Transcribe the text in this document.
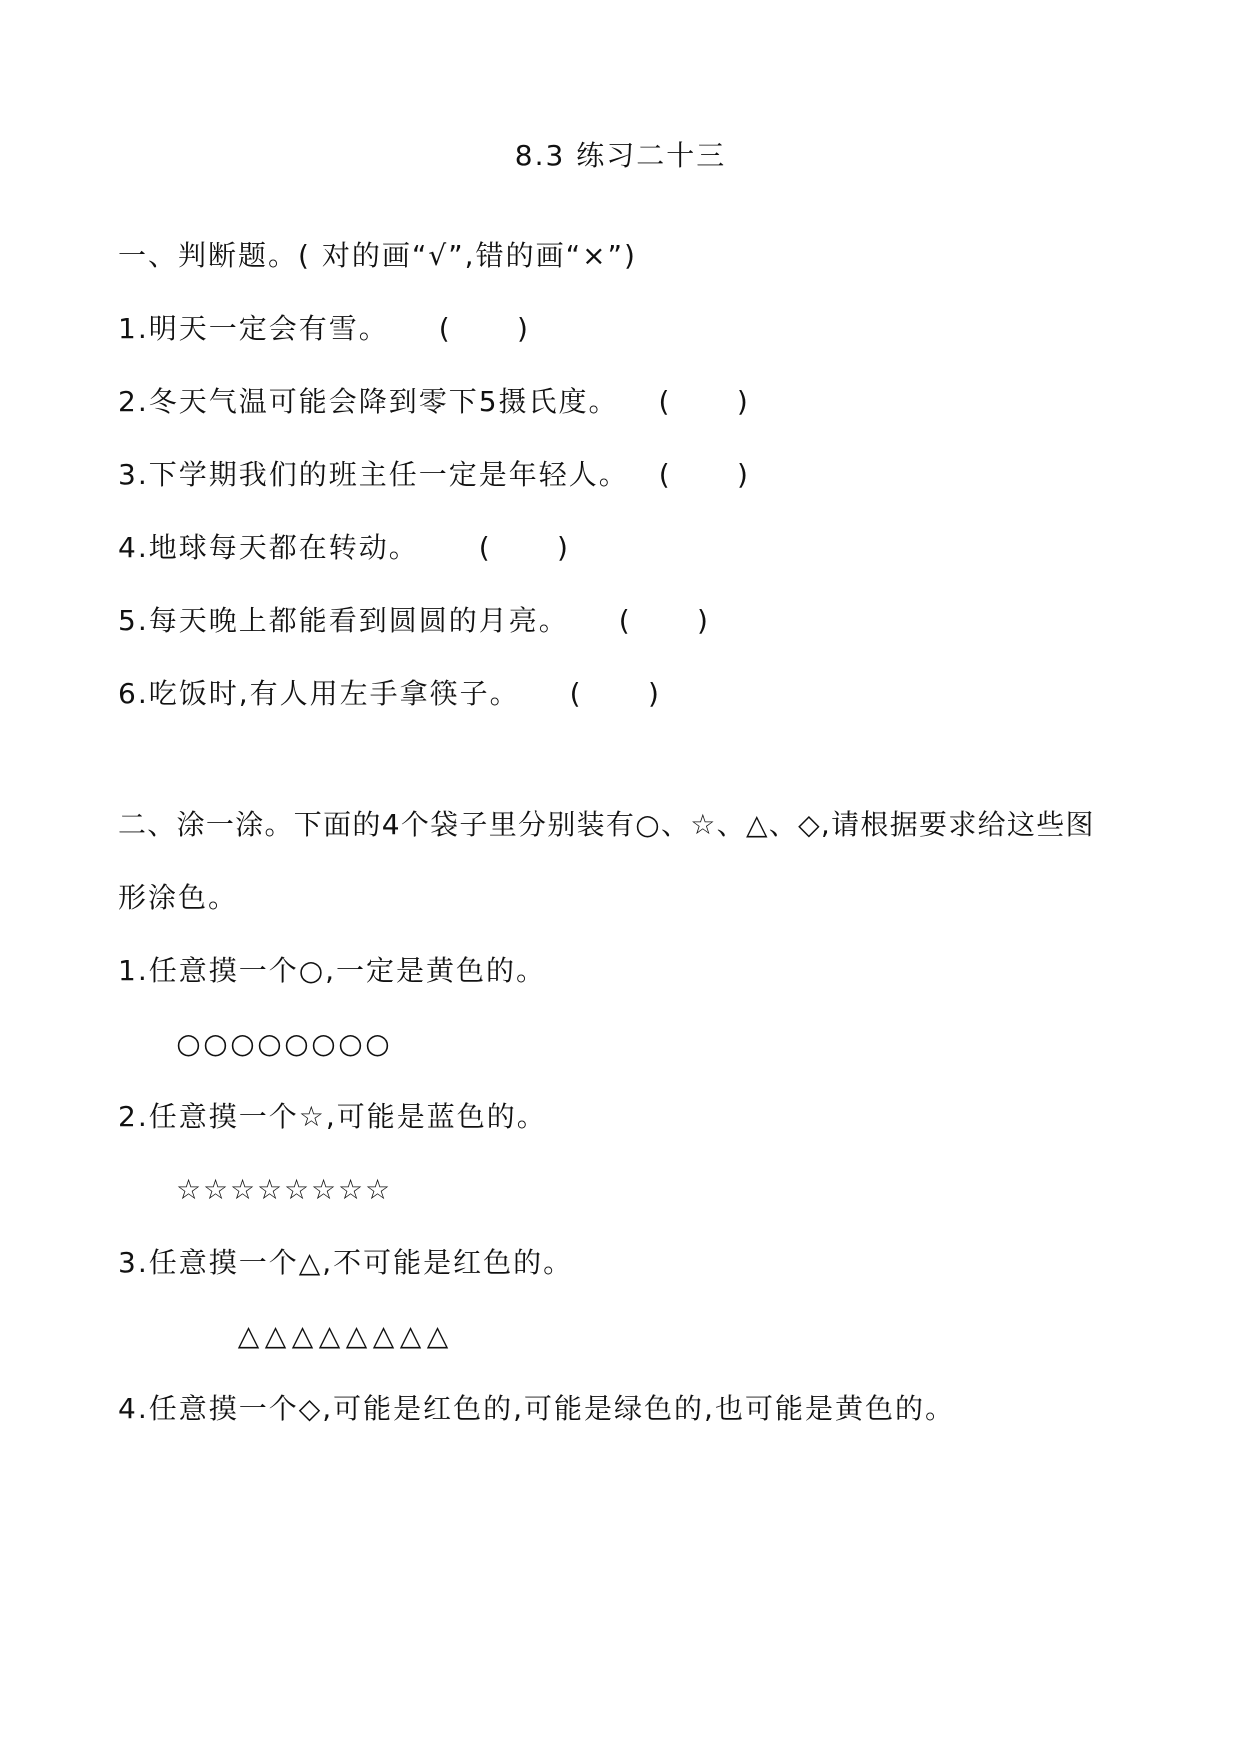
8.3 练习二十三
一、判断题。( 对的画“√”,错的画“×”)
1.明天一定会有雪。 (      )
2.冬天气温可能会降到零下5摄氏度。 (      )
3.下学期我们的班主任一定是年轻人。 (      )
4.地球每天都在转动。 (      )
5.每天晚上都能看到圆圆的月亮。 (      )
6.吃饭时,有人用左手拿筷子。 (      )
二、涂一涂。下面的4个袋子里分别装有○、☆、△、◇,请根据要求给这些图
形涂色。
1.任意摸一个○,一定是黄色的。
○ ○ ○ ○ ○ ○ ○ ○
2.任意摸一个☆,可能是蓝色的。
☆ ☆ ☆ ☆ ☆ ☆ ☆ ☆
3.任意摸一个△,不可能是红色的。
△ △ △ △ △ △ △ △
4.任意摸一个◇,可能是红色的,可能是绿色的,也可能是黄色的。
